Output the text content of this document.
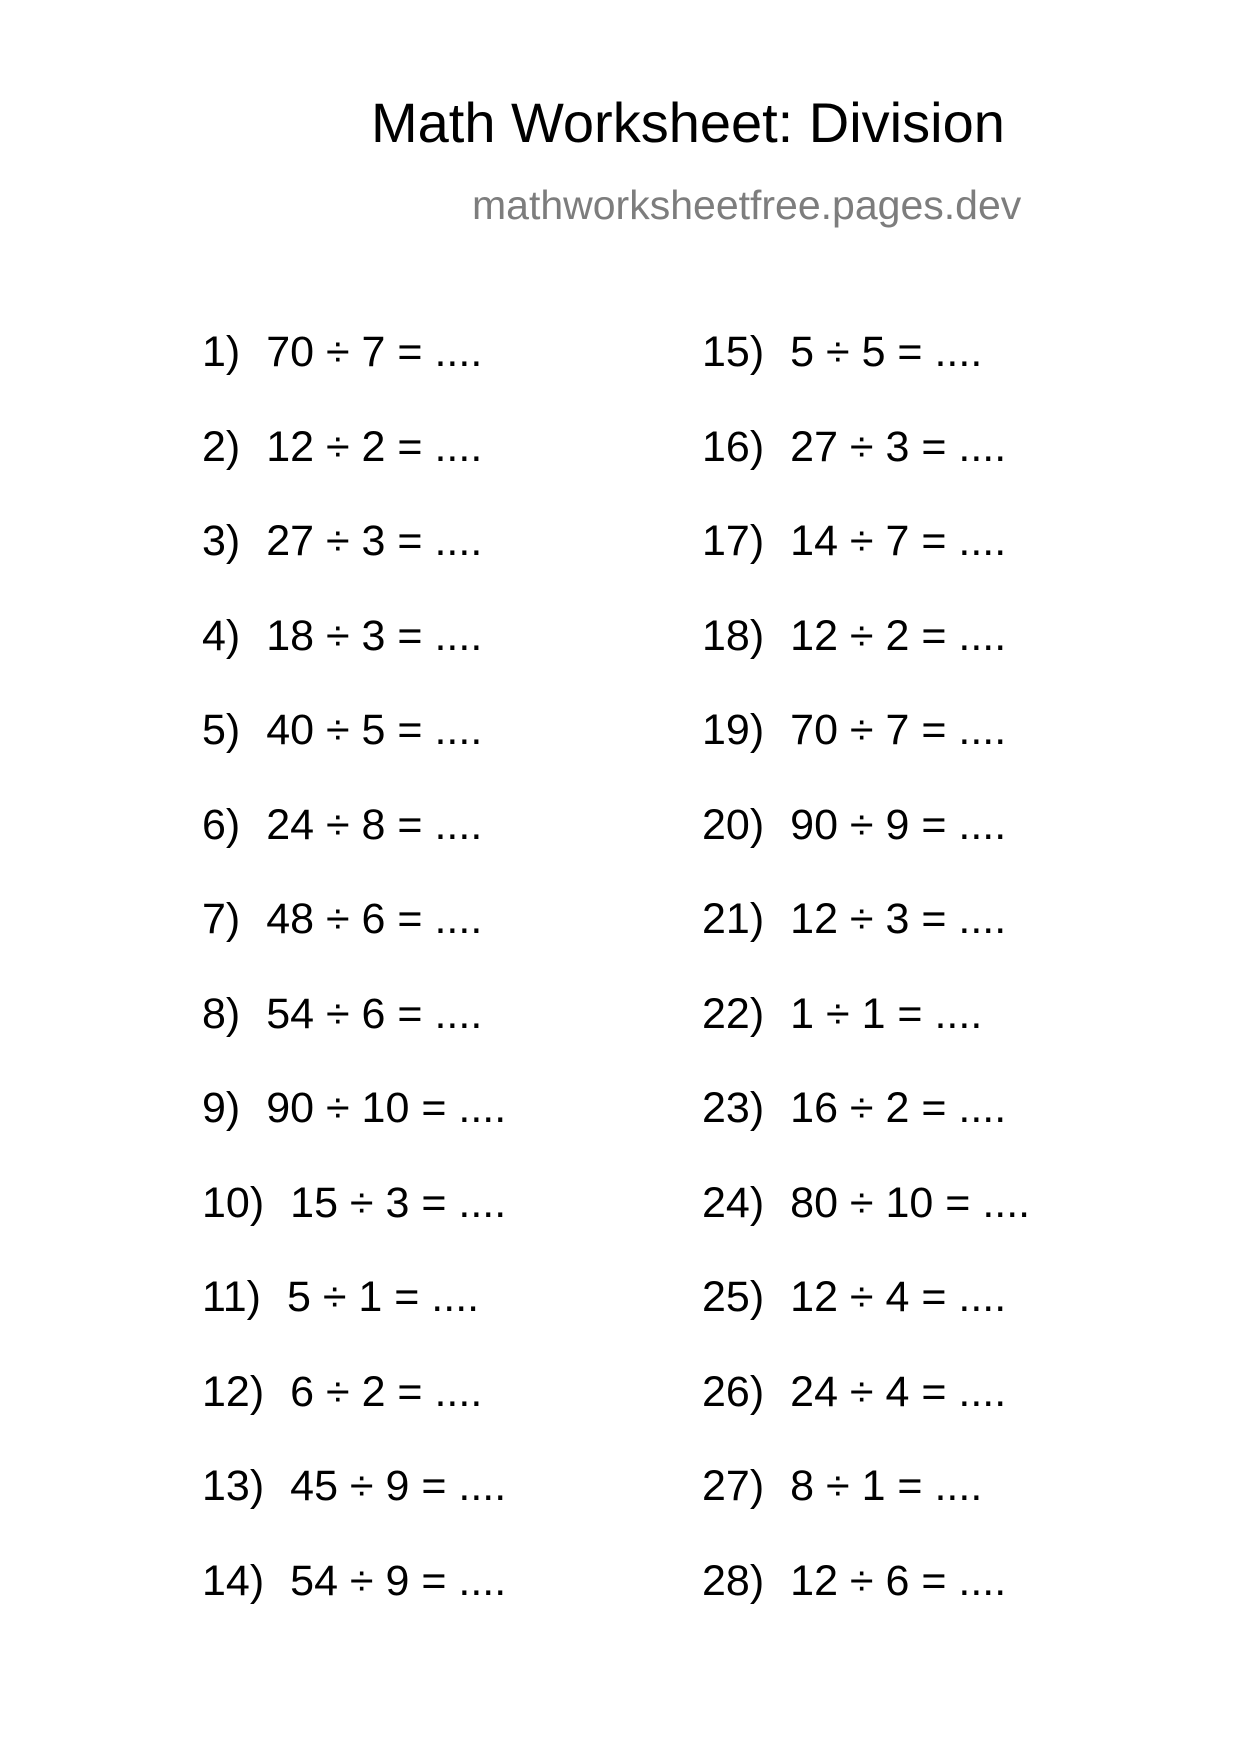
Math Worksheet: Division
mathworksheetfree.pages.dev
1) 70 ÷ 7 = ....
2) 12 ÷ 2 = ....
3) 27 ÷ 3 = ....
4) 18 ÷ 3 = ....
5) 40 ÷ 5 = ....
6) 24 ÷ 8 = ....
7) 48 ÷ 6 = ....
8) 54 ÷ 6 = ....
9) 90 ÷ 10 = ....
10) 15 ÷ 3 = ....
11) 5 ÷ 1 = ....
12) 6 ÷ 2 = ....
13) 45 ÷ 9 = ....
14) 54 ÷ 9 = ....
15) 5 ÷ 5 = ....
16) 27 ÷ 3 = ....
17) 14 ÷ 7 = ....
18) 12 ÷ 2 = ....
19) 70 ÷ 7 = ....
20) 90 ÷ 9 = ....
21) 12 ÷ 3 = ....
22) 1 ÷ 1 = ....
23) 16 ÷ 2 = ....
24) 80 ÷ 10 = ....
25) 12 ÷ 4 = ....
26) 24 ÷ 4 = ....
27) 8 ÷ 1 = ....
28) 12 ÷ 6 = ....
